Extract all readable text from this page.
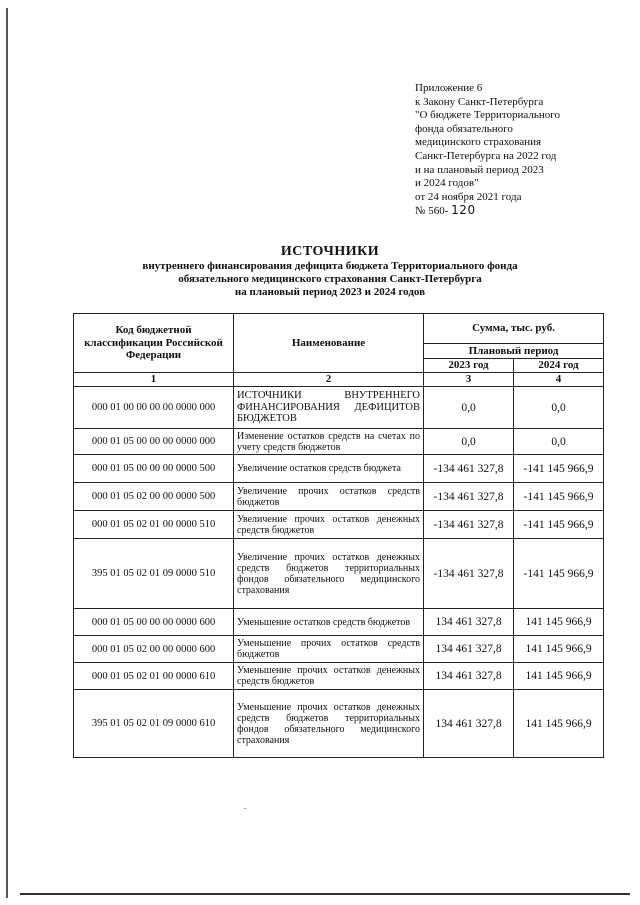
Приложение 6
к Закону Санкт-Петербурга
"О бюджете Территориального
фонда обязательного
медицинского страхования
Санкт-Петербурга на 2022 год
и на плановый период 2023
и 2024 годов"
от 24 ноября 2021 года
№ 560- 120
ИСТОЧНИКИ
внутреннего финансирования дефицита бюджета Территориального фонда
обязательного медицинского страхования Санкт-Петербурга
на плановый период 2023 и 2024 годов
Код бюджетной классификации Российской Федерации	Наименование	Сумма, тыс. руб.	
		Плановый период	
		2023 год	2024 год
1	2	3	4
000 01 00 00 00 00 0000 000	ИСТОЧНИКИ ВНУТРЕННЕГО ФИНАНСИРОВАНИЯ ДЕФИЦИТОВ БЮДЖЕТОВ	0,0	0,0
000 01 05 00 00 00 0000 000	Изменение остатков средств на счетах по учету средств бюджетов	0,0	0,0
000 01 05 00 00 00 0000 500	Увеличение остатков средств бюджета	-134 461 327,8	-141 145 966,9
000 01 05 02 00 00 0000 500	Увеличение прочих остатков средств бюджетов	-134 461 327,8	-141 145 966,9
000 01 05 02 01 00 0000 510	Увеличение прочих остатков денежных средств бюджетов	-134 461 327,8	-141 145 966,9
395 01 05 02 01 09 0000 510	Увеличение прочих остатков денежных средств бюджетов территориальных фондов обязательного медицинского страхования	-134 461 327,8	-141 145 966,9
000 01 05 00 00 00 0000 600	Уменьшение остатков средств бюджетов	134 461 327,8	141 145 966,9
000 01 05 02 00 00 0000 600	Уменьшение прочих остатков средств бюджетов	134 461 327,8	141 145 966,9
000 01 05 02 01 00 0000 610	Уменьшение прочих остатков денежных средств бюджетов	134 461 327,8	141 145 966,9
395 01 05 02 01 09 0000 610	Уменьшение прочих остатков денежных средств бюджетов территориальных фондов обязательного медицинского страхования	134 461 327,8	141 145 966,9
